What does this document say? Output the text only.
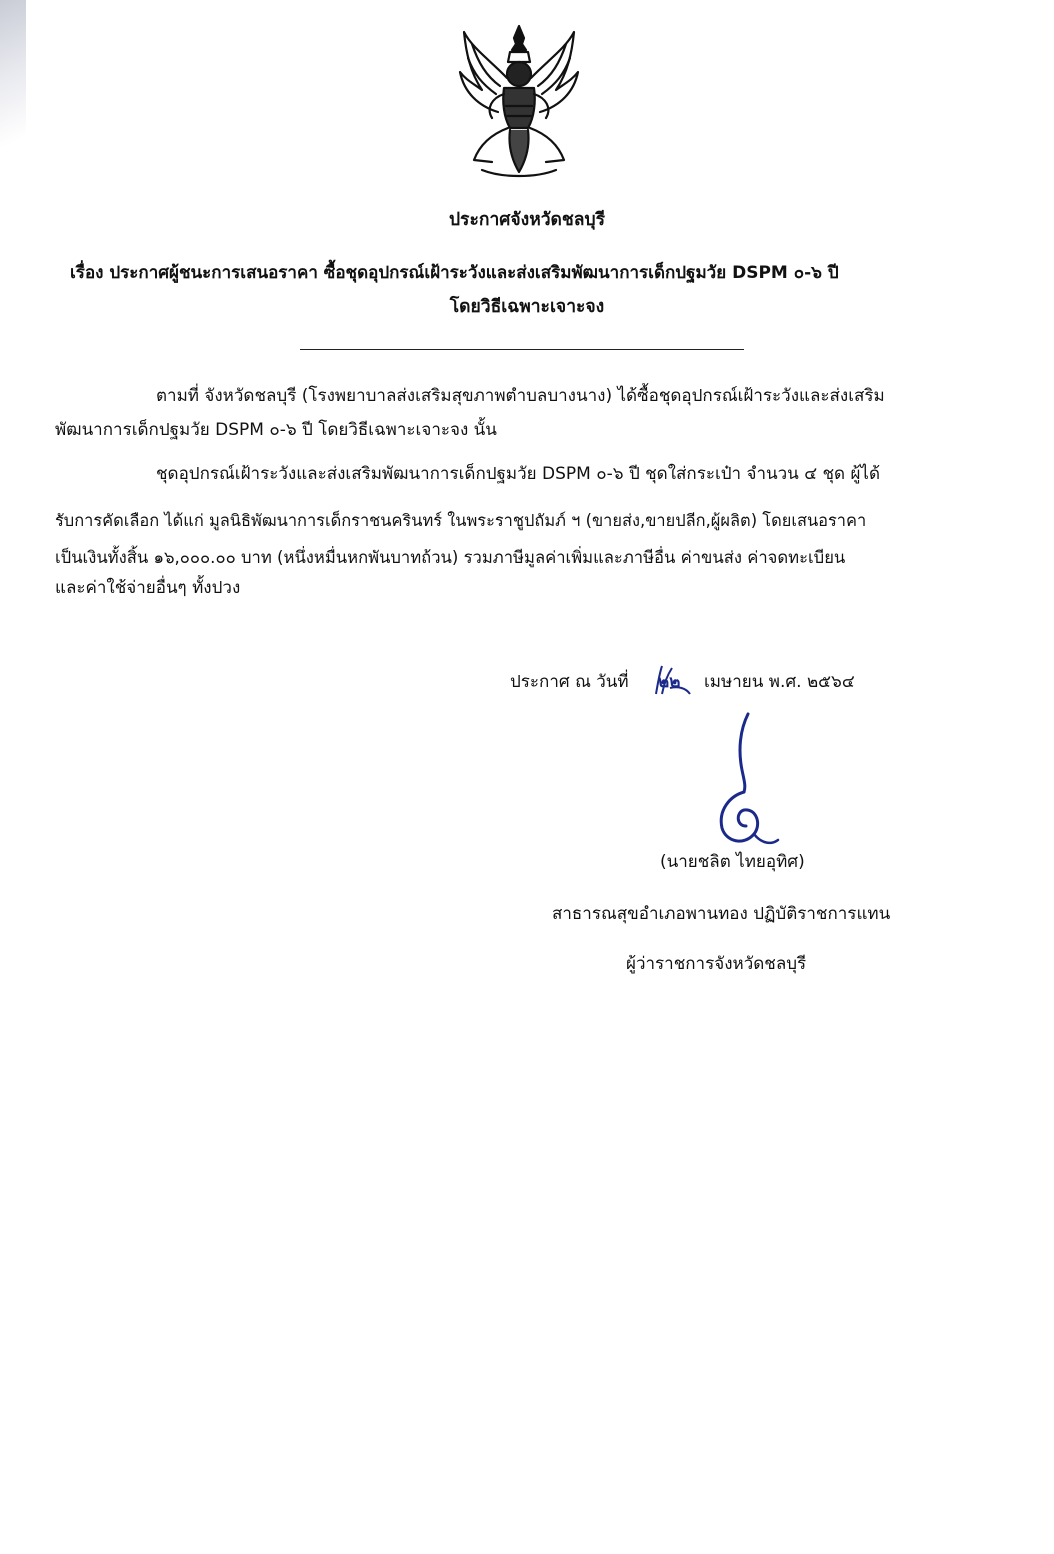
ประกาศจังหวัดชลบุรี
เรื่อง ประกาศผู้ชนะการเสนอราคา ซื้อชุดอุปกรณ์เฝ้าระวังและส่งเสริมพัฒนาการเด็กปฐมวัย DSPM ๐-๖ ปี
โดยวิธีเฉพาะเจาะจง
ตามที่ จังหวัดชลบุรี (โรงพยาบาลส่งเสริมสุขภาพตำบลบางนาง) ได้ซื้อชุดอุปกรณ์เฝ้าระวังและส่งเสริม
พัฒนาการเด็กปฐมวัย DSPM ๐-๖ ปี โดยวิธีเฉพาะเจาะจง นั้น
ชุดอุปกรณ์เฝ้าระวังและส่งเสริมพัฒนาการเด็กปฐมวัย DSPM ๐-๖ ปี ชุดใส่กระเป๋า จำนวน ๔ ชุด ผู้ได้
รับการคัดเลือก ได้แก่ มูลนิธิพัฒนาการเด็กราชนครินทร์ ในพระราชูปถัมภ์ ฯ (ขายส่ง,ขายปลีก,ผู้ผลิต) โดยเสนอราคา
เป็นเงินทั้งสิ้น ๑๖,๐๐๐.๐๐ บาท (หนึ่งหมื่นหกพันบาทถ้วน) รวมภาษีมูลค่าเพิ่มและภาษีอื่น ค่าขนส่ง ค่าจดทะเบียน
และค่าใช้จ่ายอื่นๆ ทั้งปวง
ประกาศ ณ วันที่ ๒๒ เมษายน พ.ศ. ๒๕๖๔
(นายชลิต ไทยอุทิศ)
สาธารณสุขอำเภอพานทอง ปฏิบัติราชการแทน
ผู้ว่าราชการจังหวัดชลบุรี
